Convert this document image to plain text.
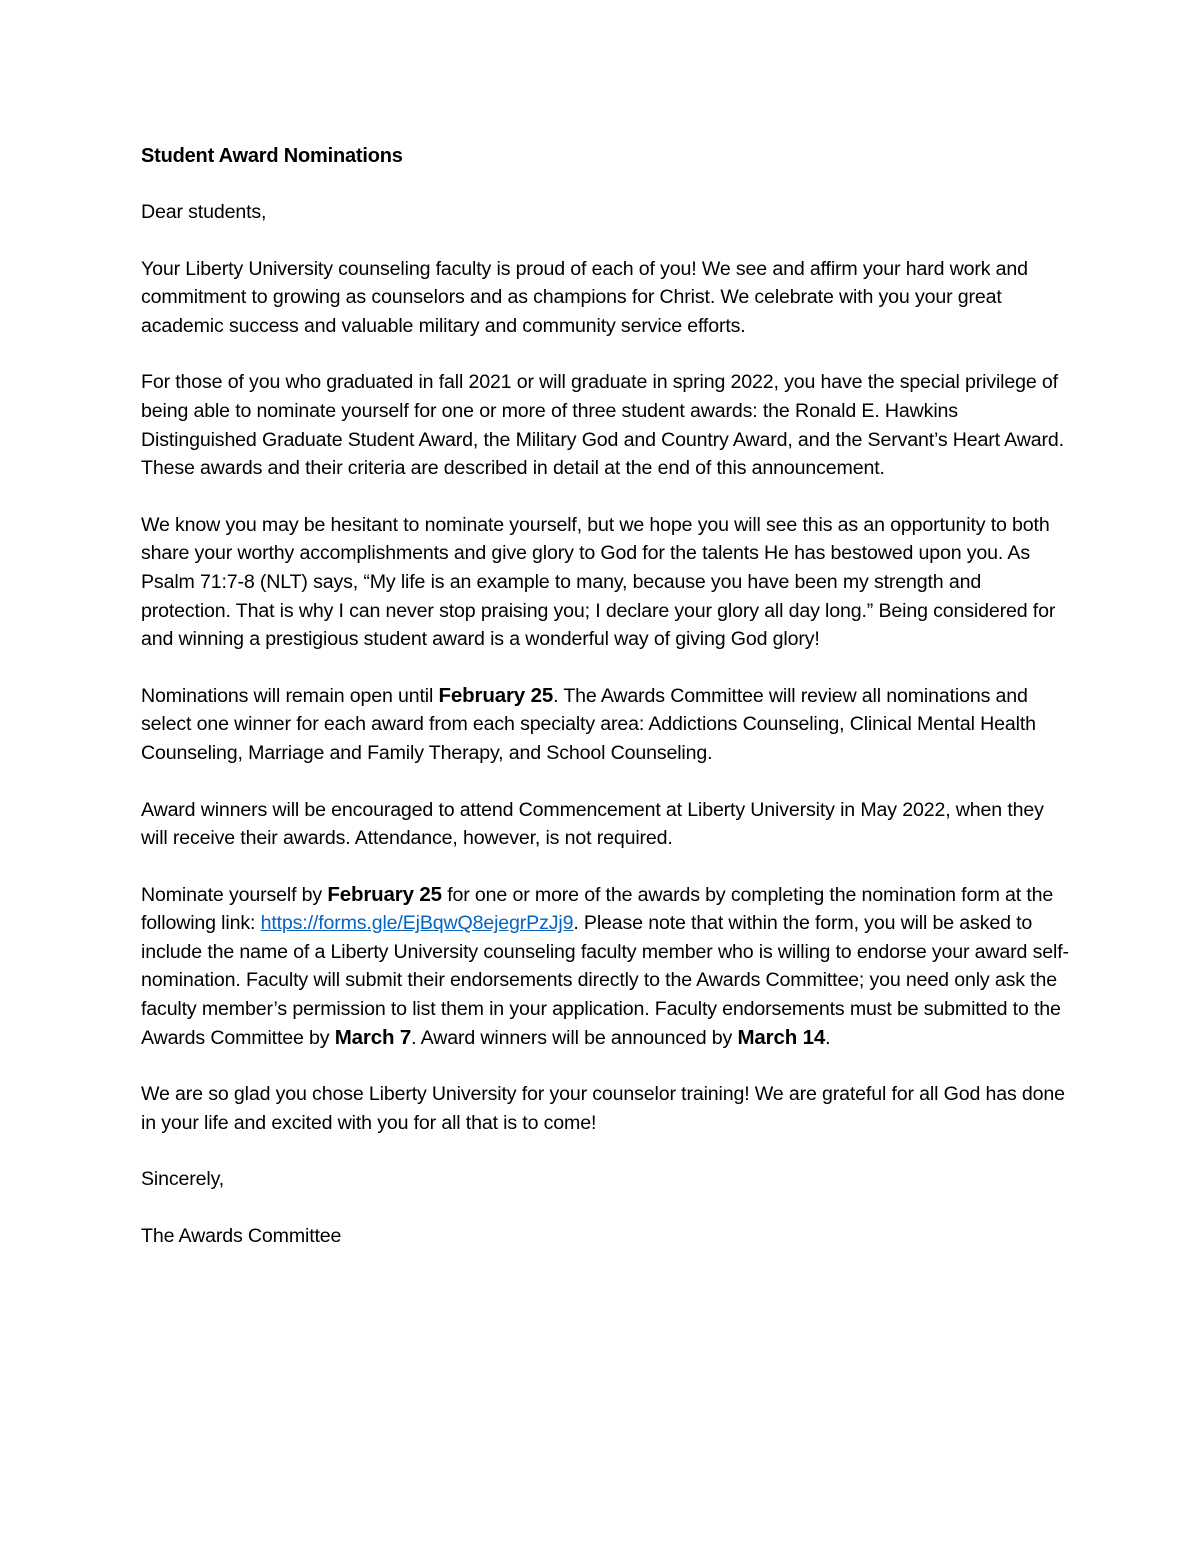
Student Award Nominations

Dear students,

Your Liberty University counseling faculty is proud of each of you! We see and affirm your hard work and commitment to growing as counselors and as champions for Christ. We celebrate with you your great academic success and valuable military and community service efforts.

For those of you who graduated in fall 2021 or will graduate in spring 2022, you have the special privilege of being able to nominate yourself for one or more of three student awards: the Ronald E. Hawkins Distinguished Graduate Student Award, the Military God and Country Award, and the Servant’s Heart Award. These awards and their criteria are described in detail at the end of this announcement.

We know you may be hesitant to nominate yourself, but we hope you will see this as an opportunity to both share your worthy accomplishments and give glory to God for the talents He has bestowed upon you. As Psalm 71:7-8 (NLT) says, “My life is an example to many, because you have been my strength and protection. That is why I can never stop praising you; I declare your glory all day long.” Being considered for and winning a prestigious student award is a wonderful way of giving God glory!

Nominations will remain open until February 25. The Awards Committee will review all nominations and select one winner for each award from each specialty area: Addictions Counseling, Clinical Mental Health Counseling, Marriage and Family Therapy, and School Counseling.

Award winners will be encouraged to attend Commencement at Liberty University in May 2022, when they will receive their awards. Attendance, however, is not required.

Nominate yourself by February 25 for one or more of the awards by completing the nomination form at the following link: https://forms.gle/EjBqwQ8ejegrPzJj9. Please note that within the form, you will be asked to include the name of a Liberty University counseling faculty member who is willing to endorse your award self-nomination. Faculty will submit their endorsements directly to the Awards Committee; you need only ask the faculty member’s permission to list them in your application. Faculty endorsements must be submitted to the Awards Committee by March 7. Award winners will be announced by March 14.

We are so glad you chose Liberty University for your counselor training! We are grateful for all God has done in your life and excited with you for all that is to come!

Sincerely,

The Awards Committee
